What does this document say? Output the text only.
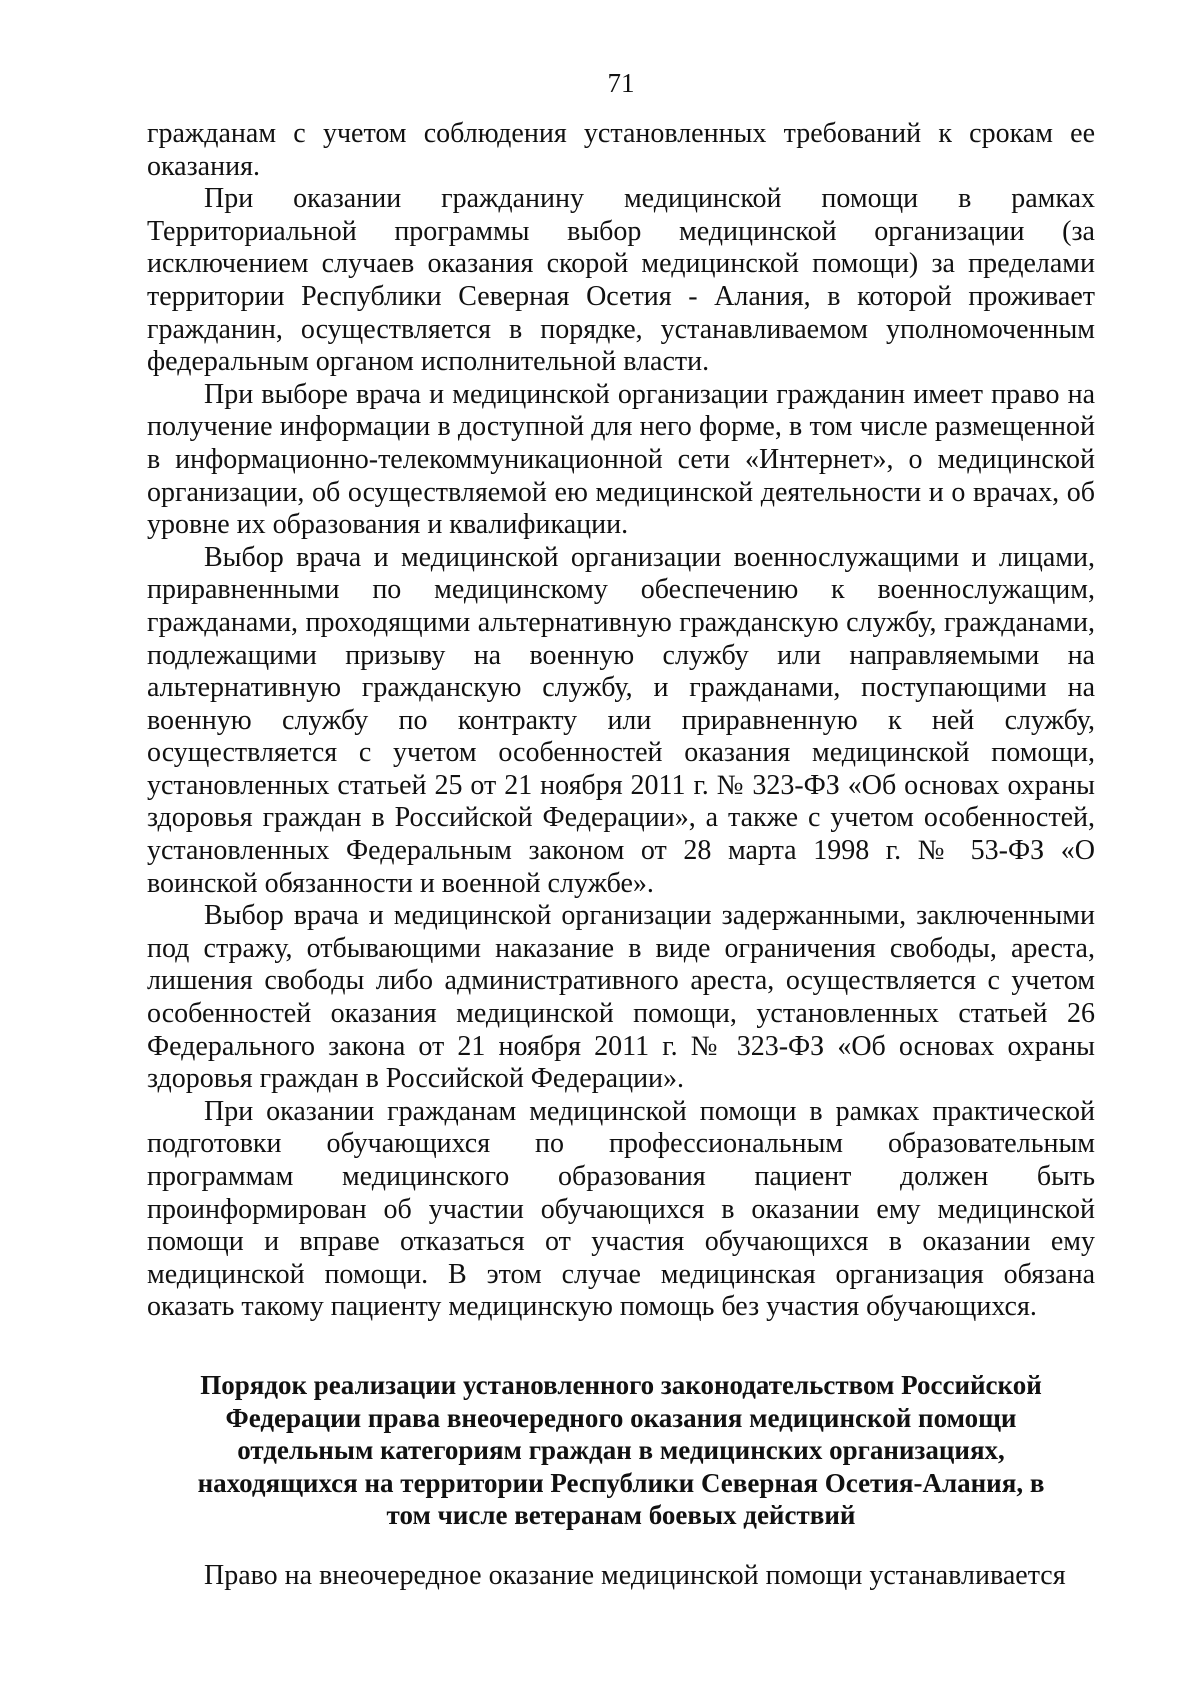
71

гражданам с учетом соблюдения установленных требований к срокам ее оказания.

При оказании гражданину медицинской помощи в рамках Территориальной программы выбор медицинской организации (за исключением случаев оказания скорой медицинской помощи) за пределами территории Республики Северная Осетия - Алания, в которой проживает гражданин, осуществляется в порядке, устанавливаемом уполномоченным федеральным органом исполнительной власти.

При выборе врача и медицинской организации гражданин имеет право на получение информации в доступной для него форме, в том числе размещенной в информационно-телекоммуникационной сети «Интернет», о медицинской организации, об осуществляемой ею медицинской деятельности и о врачах, об уровне их образования и квалификации.

Выбор врача и медицинской организации военнослужащими и лицами, приравненными по медицинскому обеспечению к военнослужащим, гражданами, проходящими альтернативную гражданскую службу, гражданами, подлежащими призыву на военную службу или направляемыми на альтернативную гражданскую службу, и гражданами, поступающими на военную службу по контракту или приравненную к ней службу, осуществляется с учетом особенностей оказания медицинской помощи, установленных статьей 25 от 21 ноября 2011 г. № 323-ФЗ «Об основах охраны здоровья граждан в Российской Федерации», а также с учетом особенностей, установленных Федеральным законом от 28 марта 1998 г. № 53-ФЗ «О воинской обязанности и военной службе».

Выбор врача и медицинской организации задержанными, заключенными под стражу, отбывающими наказание в виде ограничения свободы, ареста, лишения свободы либо административного ареста, осуществляется с учетом особенностей оказания медицинской помощи, установленных статьей 26 Федерального закона от 21 ноября 2011 г. № 323-ФЗ «Об основах охраны здоровья граждан в Российской Федерации».

При оказании гражданам медицинской помощи в рамках практической подготовки обучающихся по профессиональным образовательным программам медицинского образования пациент должен быть проинформирован об участии обучающихся в оказании ему медицинской помощи и вправе отказаться от участия обучающихся в оказании ему медицинской помощи. В этом случае медицинская организация обязана оказать такому пациенту медицинскую помощь без участия обучающихся.

Порядок реализации установленного законодательством Российской
Федерации права внеочередного оказания медицинской помощи
отдельным категориям граждан в медицинских организациях,
находящихся на территории Республики Северная Осетия-Алания, в
том числе ветеранам боевых действий

Право на внеочередное оказание медицинской помощи устанавливается
